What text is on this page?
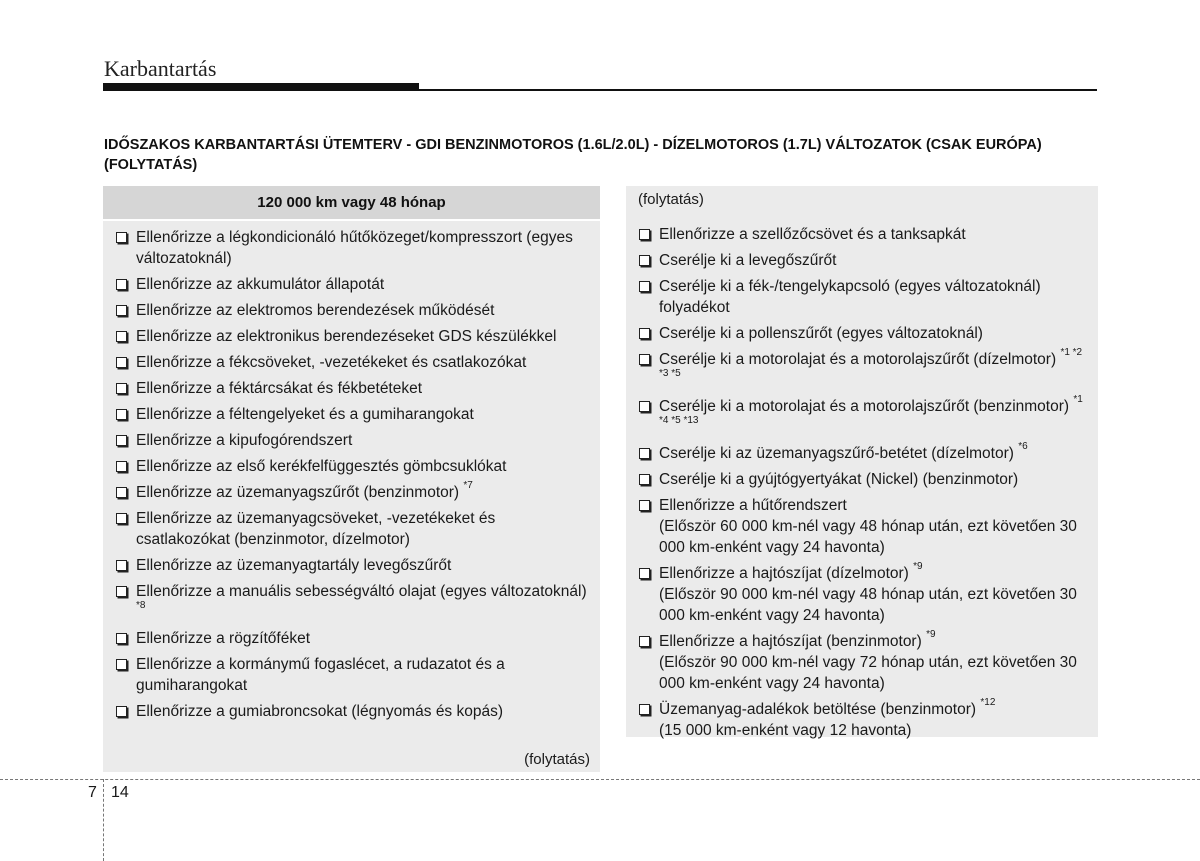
Karbantartás
IDŐSZAKOS KARBANTARTÁSI ÜTEMTERV - GDI BENZINMOTOROS (1.6L/2.0L) - DÍZELMOTOROS (1.7L) VÁLTOZATOK (CSAK EURÓPA) (FOLYTATÁS)
120 000 km vagy 48 hónap
Ellenőrizze a légkondicionáló hűtőközeget/kompresszort (egyes változatoknál)
Ellenőrizze az akkumulátor állapotát
Ellenőrizze az elektromos berendezések működését
Ellenőrizze az elektronikus berendezéseket GDS készülékkel
Ellenőrizze a fékcsöveket, -vezetékeket és csatlakozókat
Ellenőrizze a féktárcsákat és fékbetéteket
Ellenőrizze a féltengelyeket és a gumiharangokat
Ellenőrizze a kipufogórendszert
Ellenőrizze az első kerékfelfüggesztés gömbcsuklókat
Ellenőrizze az üzemanyagszűrőt (benzinmotor) $^{*7}$
Ellenőrizze az üzemanyagcsöveket, -vezetékeket és csatlakozókat (benzinmotor, dízelmotor)
Ellenőrizze az üzemanyagtartály levegőszűrőt
Ellenőrizze a manuális sebességváltó olajat (egyes változatoknál) $^{*8}$
Ellenőrizze a rögzítőféket
Ellenőrizze a kormánymű fogaslécet, a rudazatot és a gumiharangokat
Ellenőrizze a gumiabroncsokat (légnyomás és kopás)
(folytatás)
(folytatás)
Ellenőrizze a szellőzőcsövet és a tanksapkát
Cserélje ki a levegőszűrőt
Cserélje ki a fék-/tengelykapcsoló (egyes változatoknál) folyadékot
Cserélje ki a pollenszűrőt (egyes változatoknál)
Cserélje ki a motorolajat és a motorolajszűrőt (dízelmotor) $^{*1 *2 *3 *5}$
Cserélje ki a motorolajat és a motorolajszűrőt (benzinmotor) $^{*1 *4 *5 *13}$
Cserélje ki az üzemanyagszűrő-betétet (dízelmotor) $^{*6}$
Cserélje ki a gyújtógyertyákat (Nickel) (benzinmotor)
Ellenőrizze a hűtőrendszert
(Először 60 000 km-nél vagy 48 hónap után, ezt követően 30 000 km-enként vagy 24 havonta)
Ellenőrizze a hajtószíjat (dízelmotor) $^{*9}$
(Először 90 000 km-nél vagy 48 hónap után, ezt követően 30 000 km-enként vagy 24 havonta)
Ellenőrizze a hajtószíjat (benzinmotor) $^{*9}$
(Először 90 000 km-nél vagy 72 hónap után, ezt követően 30 000 km-enként vagy 24 havonta)
Üzemanyag-adalékok betöltése (benzinmotor) $^{*12}$
(15 000 km-enként vagy 12 havonta)
7 14
